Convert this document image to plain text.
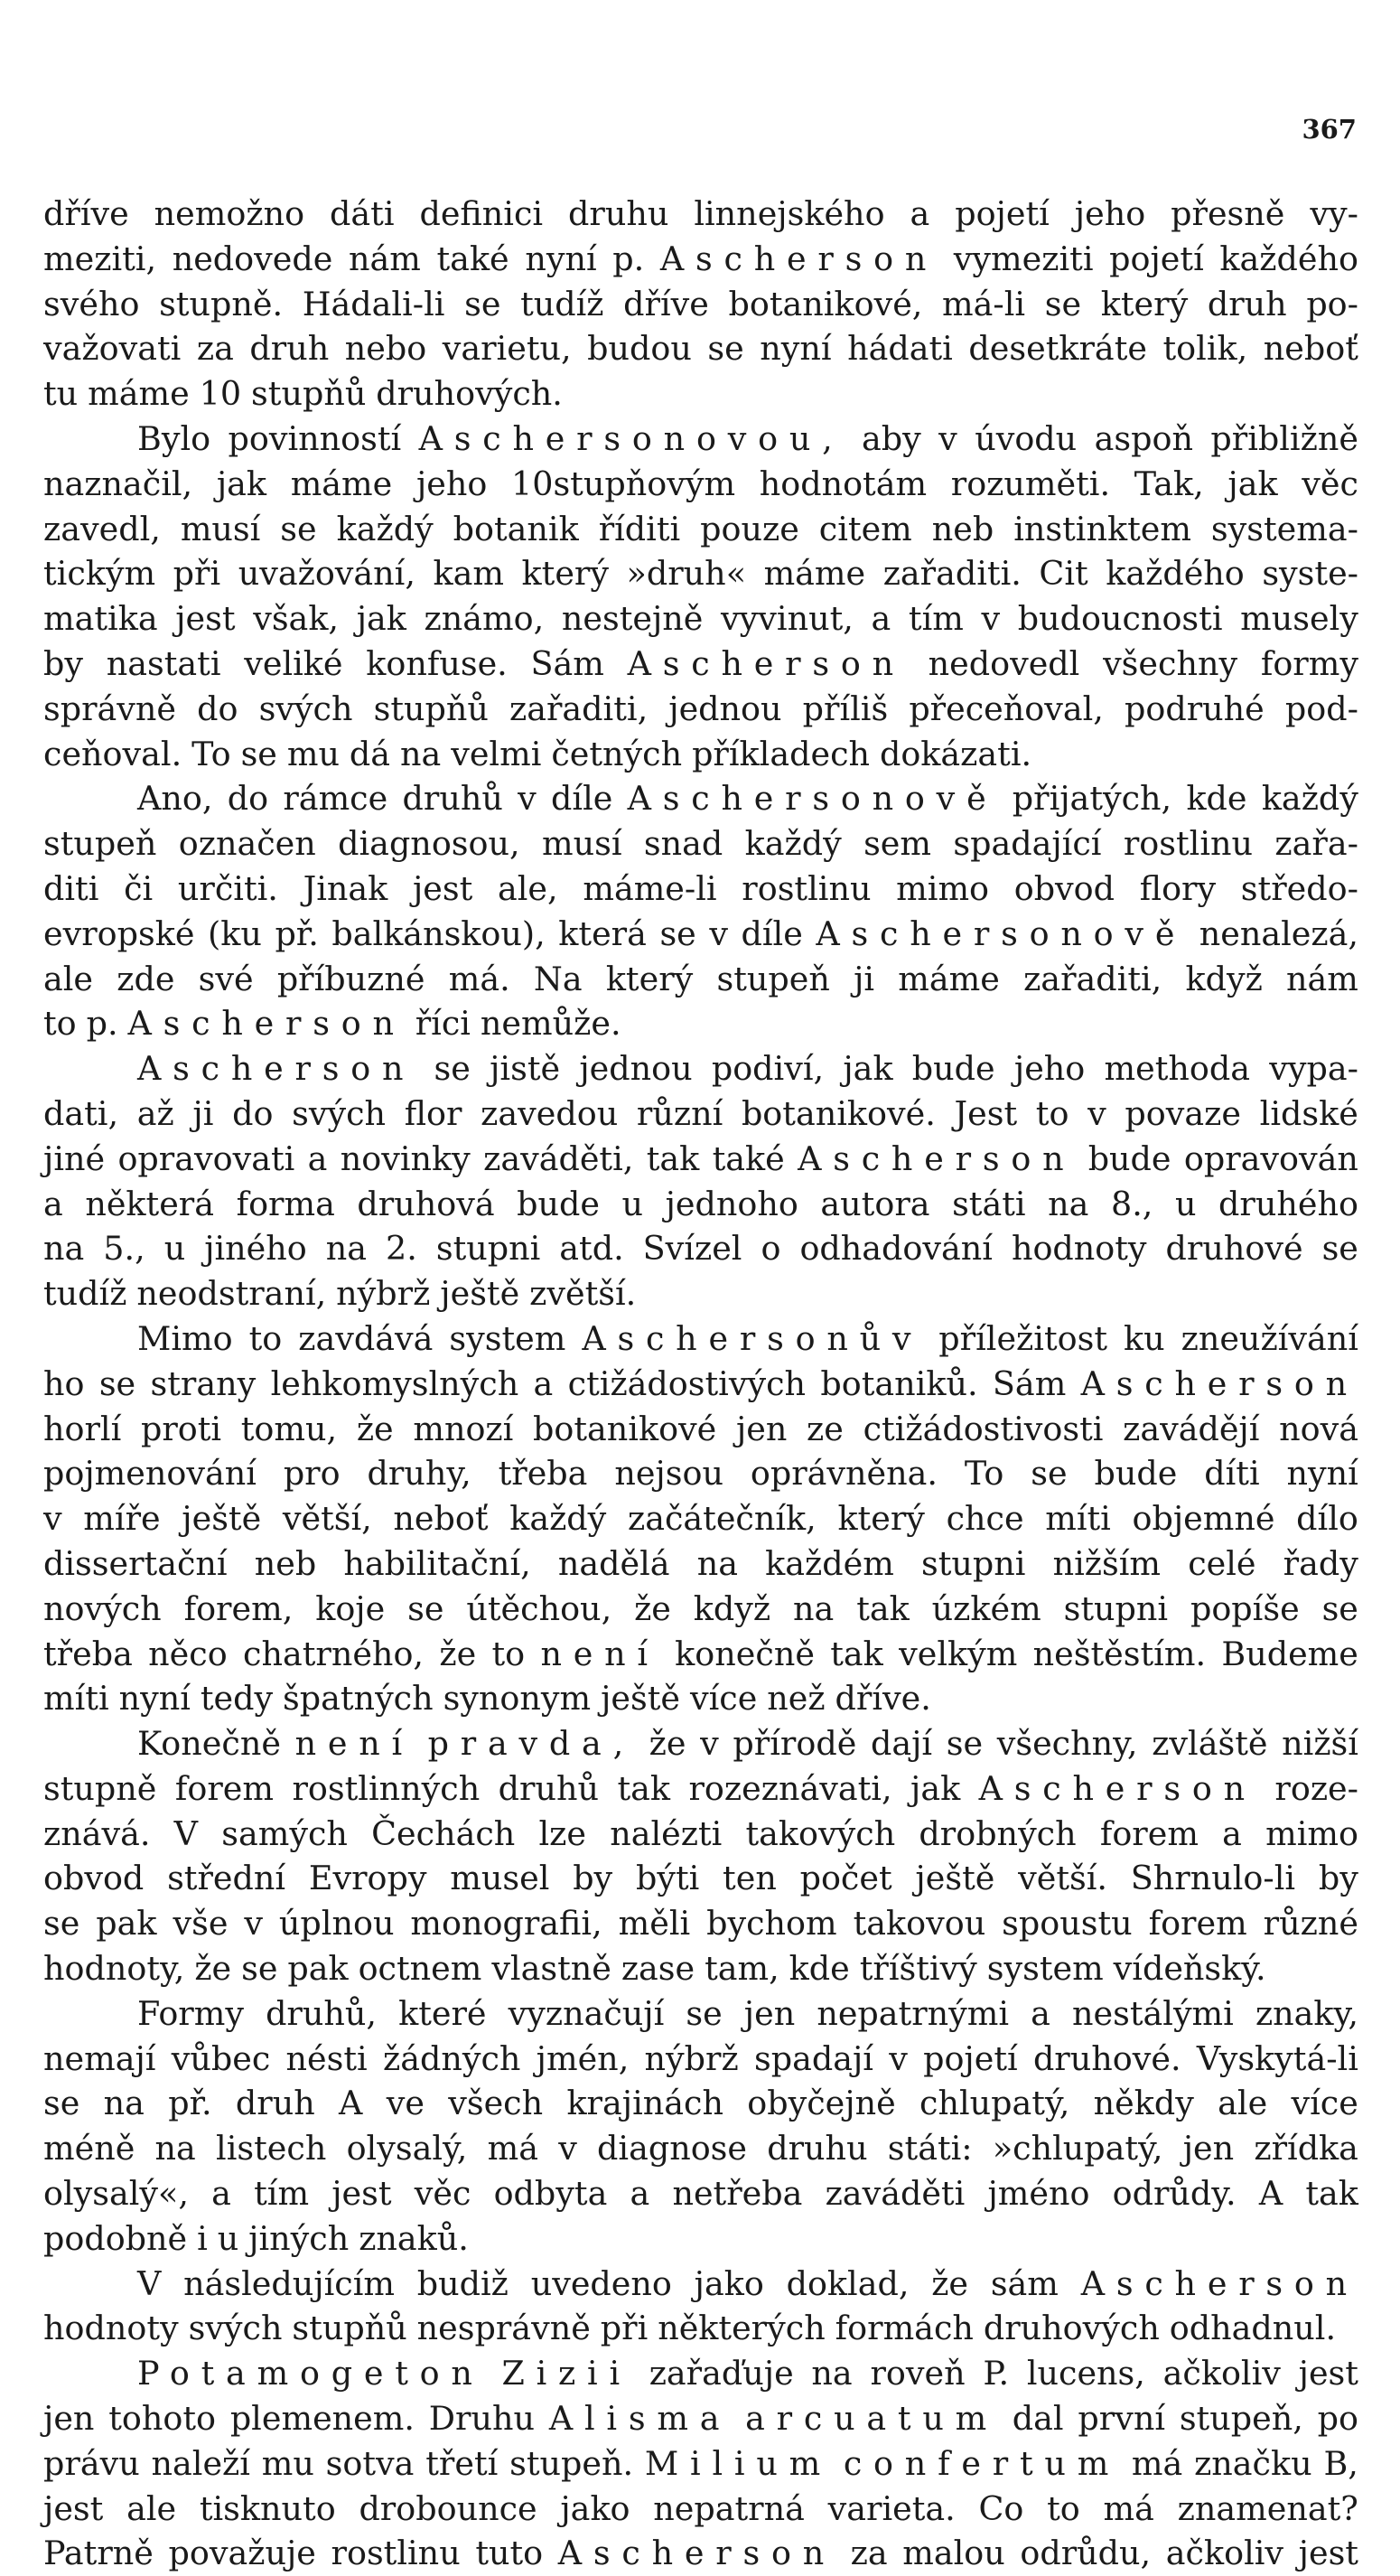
367
dříve nemožno dáti definici druhu linnejského a pojetí jeho přesně vy-
meziti, nedovede nám také nyní p. Ascherson vymeziti pojetí každého
svého stupně. Hádali-li se tudíž dříve botanikové, má-li se který druh po-
važovati za druh nebo varietu, budou se nyní hádati desetkráte tolik, neboť
tu máme 10 stupňů druhových.
Bylo povinností Aschersonovou, aby v úvodu aspoň přibližně
naznačil, jak máme jeho 10stupňovým hodnotám rozuměti. Tak, jak věc
zavedl, musí se každý botanik říditi pouze citem neb instinktem systema-
tickým při uvažování, kam který »druh« máme zařaditi. Cit každého syste-
matika jest však, jak známo, nestejně vyvinut, a tím v budoucnosti musely
by nastati veliké konfuse. Sám Ascherson nedovedl všechny formy
správně do svých stupňů zařaditi, jednou příliš přeceňoval, podruhé pod-
ceňoval. To se mu dá na velmi četných příkladech dokázati.
Ano, do rámce druhů v díle Aschersonově přijatých, kde každý
stupeň označen diagnosou, musí snad každý sem spadající rostlinu zařa-
diti či určiti. Jinak jest ale, máme-li rostlinu mimo obvod flory středo-
evropské (ku př. balkánskou), která se v díle Aschersonově nenalezá,
ale zde své příbuzné má. Na který stupeň ji máme zařaditi, když nám
to p. Ascherson říci nemůže.
Ascherson se jistě jednou podiví, jak bude jeho methoda vypa-
dati, až ji do svých flor zavedou různí botanikové. Jest to v povaze lidské
jiné opravovati a novinky zaváděti, tak také Ascherson bude opravován
a některá forma druhová bude u jednoho autora státi na 8., u druhého
na 5., u jiného na 2. stupni atd. Svízel o odhadování hodnoty druhové se
tudíž neodstraní, nýbrž ještě zvětší.
Mimo to zavdává system Aschersonův příležitost ku zneužívání
ho se strany lehkomyslných a ctižádostivých botaniků. Sám Ascherson
horlí proti tomu, že mnozí botanikové jen ze ctižádostivosti zavádějí nová
pojmenování pro druhy, třeba nejsou oprávněna. To se bude díti nyní
v míře ještě větší, neboť každý začátečník, který chce míti objemné dílo
dissertační neb habilitační, nadělá na každém stupni nižším celé řady
nových forem, koje se útěchou, že když na tak úzkém stupni popíše se
třeba něco chatrného, že to není konečně tak velkým neštěstím. Budeme
míti nyní tedy špatných synonym ještě více než dříve.
Konečně není pravda, že v přírodě dají se všechny, zvláště nižší
stupně forem rostlinných druhů tak rozeznávati, jak Ascherson roze-
znává. V samých Čechách lze nalézti takových drobných forem a mimo
obvod střední Evropy musel by býti ten počet ještě větší. Shrnulo-li by
se pak vše v úplnou monografii, měli bychom takovou spoustu forem různé
hodnoty, že se pak octnem vlastně zase tam, kde tříštivý system vídeňský.
Formy druhů, které vyznačují se jen nepatrnými a nestálými znaky,
nemají vůbec nésti žádných jmén, nýbrž spadají v pojetí druhové. Vyskytá-li
se na př. druh A ve všech krajinách obyčejně chlupatý, někdy ale více
méně na listech olysalý, má v diagnose druhu státi: »chlupatý, jen zřídka
olysalý«, a tím jest věc odbyta a netřeba zaváděti jméno odrůdy. A tak
podobně i u jiných znaků.
V následujícím budiž uvedeno jako doklad, že sám Ascherson
hodnoty svých stupňů nesprávně při některých formách druhových odhadnul.
Potamogeton Zizii zařaďuje na roveň P. lucens, ačkoliv jest
jen tohoto plemenem. Druhu Alisma arcuatum dal první stupeň, po
právu naleží mu sotva třetí stupeň. Milium confertum má značku B,
jest ale tisknuto drobounce jako nepatrná varieta. Co to má znamenat?
Patrně považuje rostlinu tuto Ascherson za malou odrůdu, ačkoliv jest
